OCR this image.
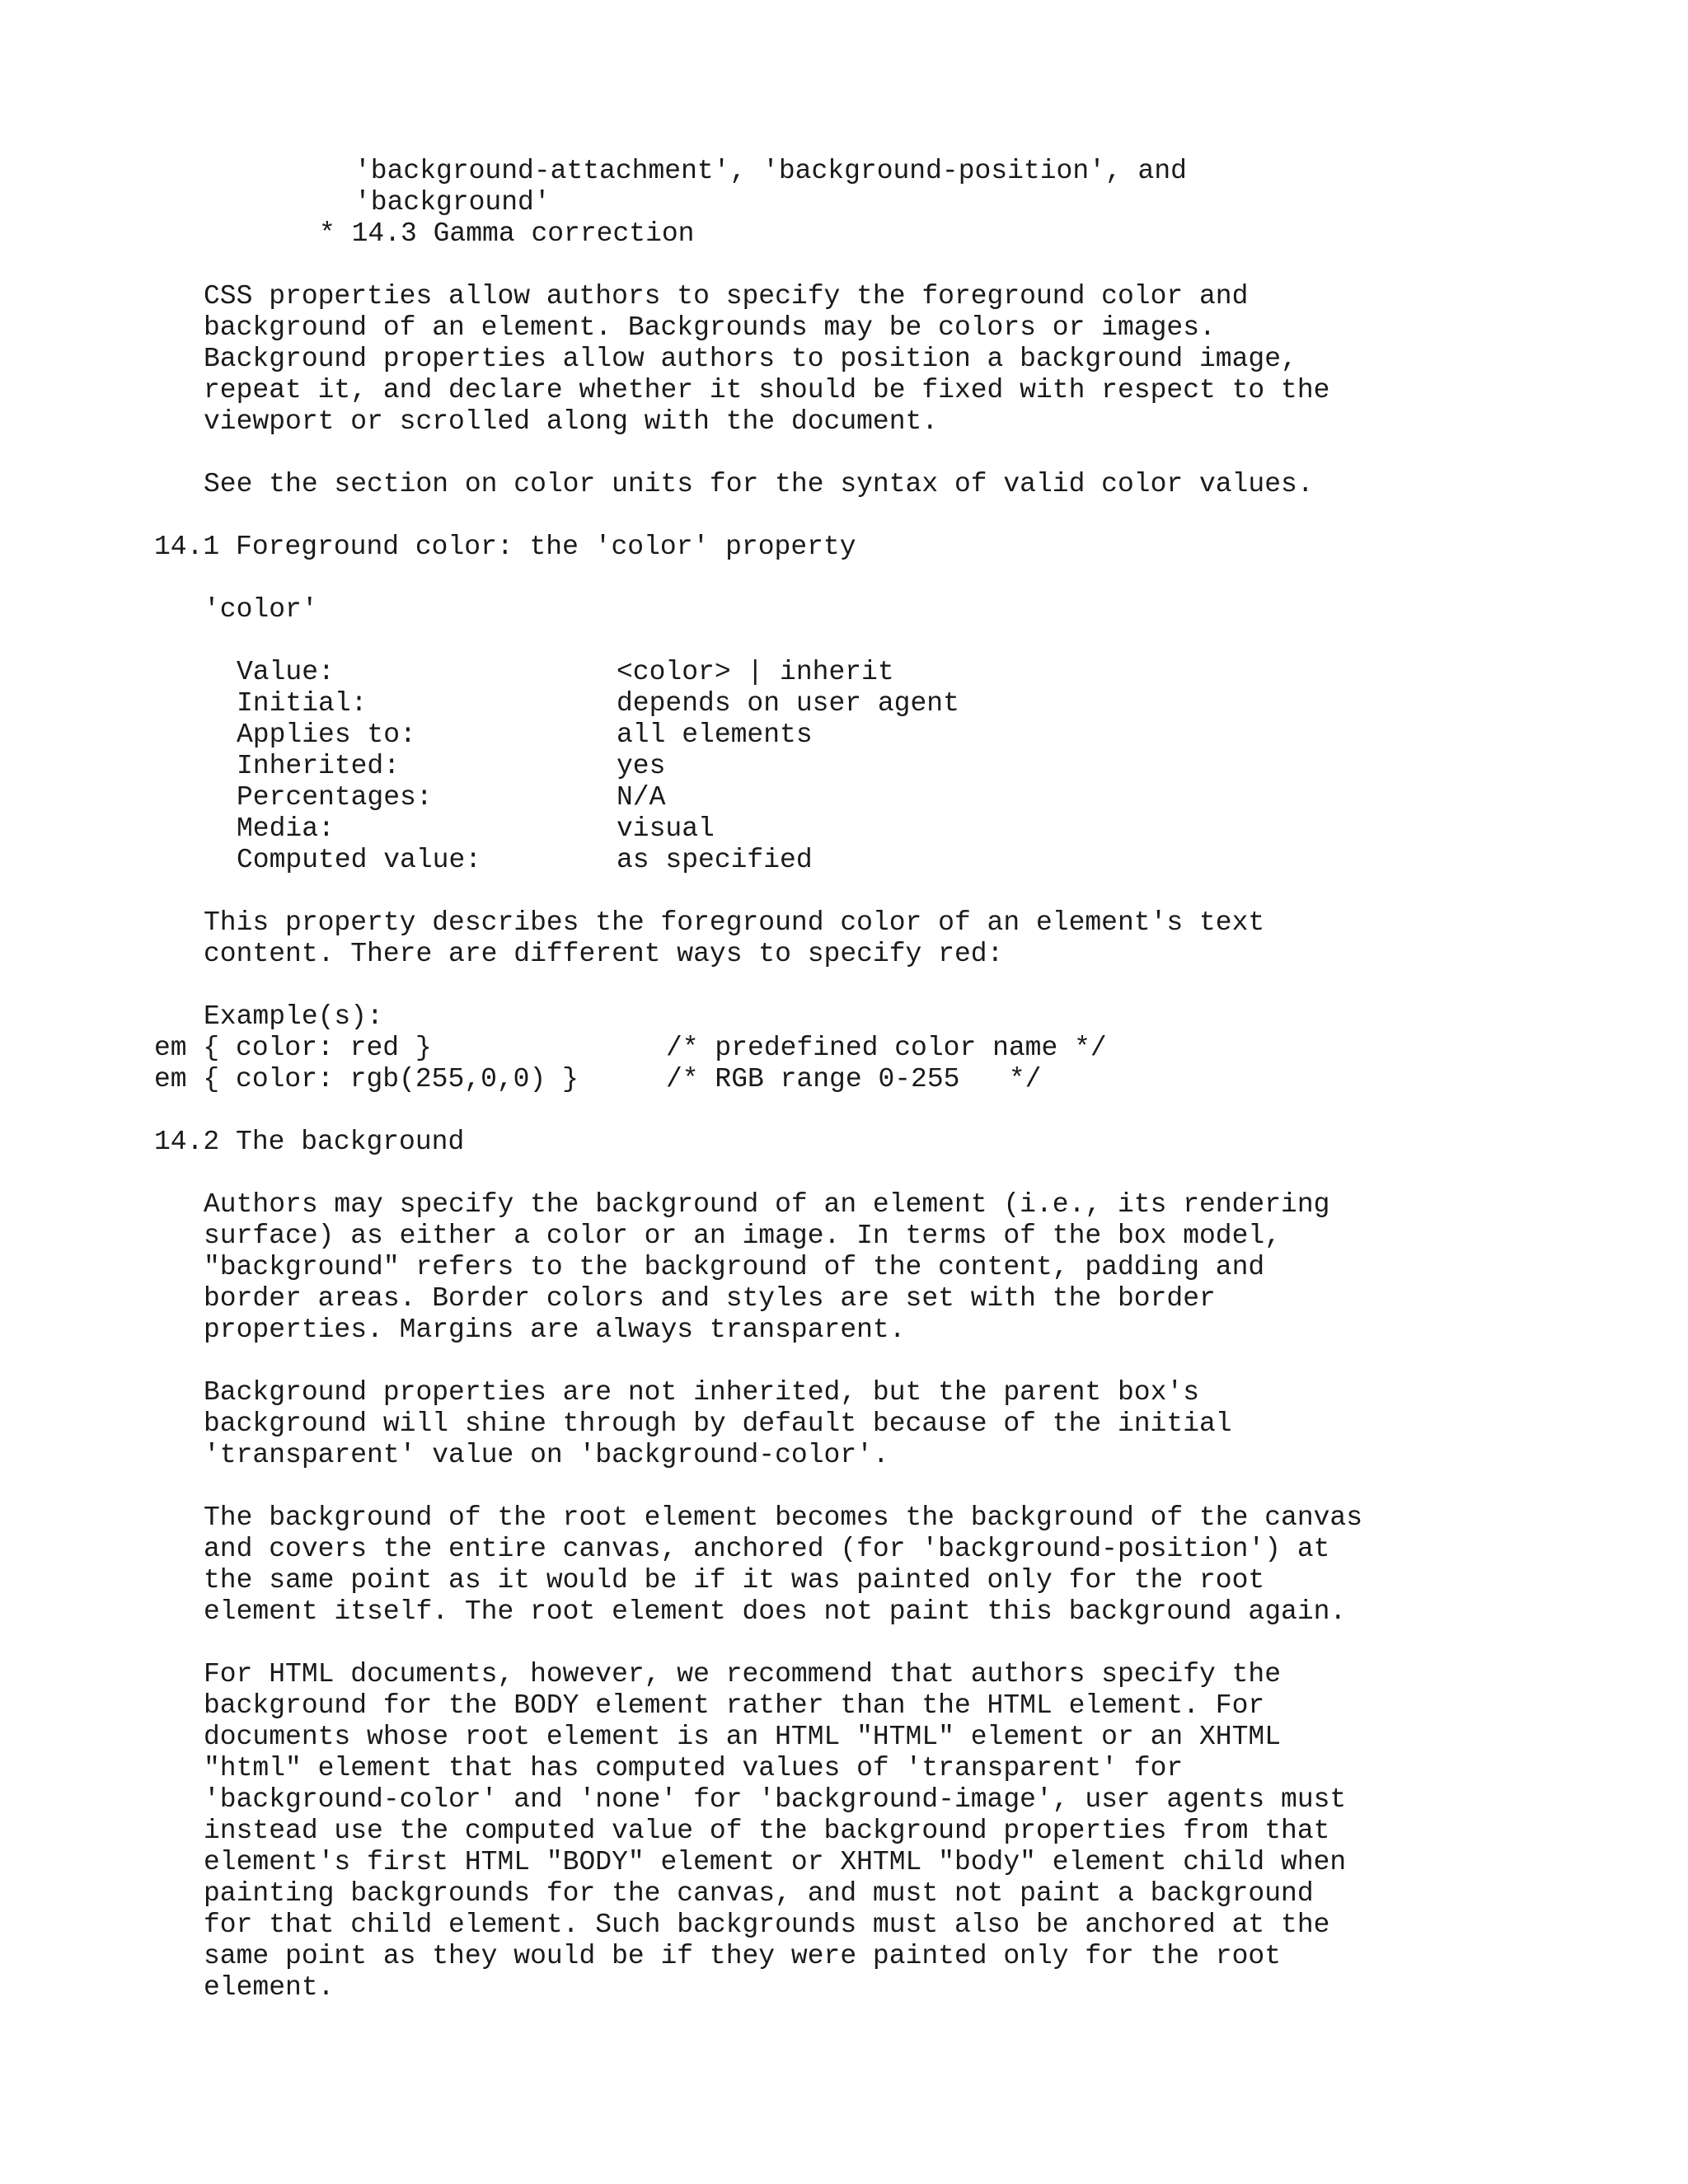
'background-attachment', 'background-position', and
'background'
* 14.3 Gamma correction
CSS properties allow authors to specify the foreground color and
background of an element. Backgrounds may be colors or images.
Background properties allow authors to position a background image,
repeat it, and declare whether it should be fixed with respect to the
viewport or scrolled along with the document.
See the section on color units for the syntax of valid color values.
14.1 Foreground color: the 'color' property
'color'
Value:	<color> | inherit
Initial:	depends on user agent
Applies to:	all elements
Inherited:	yes
Percentages:	N/A
Media:	visual
Computed value:	as specified
This property describes the foreground color of an element's text
content. There are different ways to specify red:
Example(s):
em { color: red }	/* predefined color name */
em { color: rgb(255,0,0) }	/* RGB range 0-255   */
14.2 The background
Authors may specify the background of an element (i.e., its rendering
surface) as either a color or an image. In terms of the box model,
"background" refers to the background of the content, padding and
border areas. Border colors and styles are set with the border
properties. Margins are always transparent.
Background properties are not inherited, but the parent box's
background will shine through by default because of the initial
'transparent' value on 'background-color'.
The background of the root element becomes the background of the canvas
and covers the entire canvas, anchored (for 'background-position') at
the same point as it would be if it was painted only for the root
element itself. The root element does not paint this background again.
For HTML documents, however, we recommend that authors specify the
background for the BODY element rather than the HTML element. For
documents whose root element is an HTML "HTML" element or an XHTML
"html" element that has computed values of 'transparent' for
'background-color' and 'none' for 'background-image', user agents must
instead use the computed value of the background properties from that
element's first HTML "BODY" element or XHTML "body" element child when
painting backgrounds for the canvas, and must not paint a background
for that child element. Such backgrounds must also be anchored at the
same point as they would be if they were painted only for the root
element.
